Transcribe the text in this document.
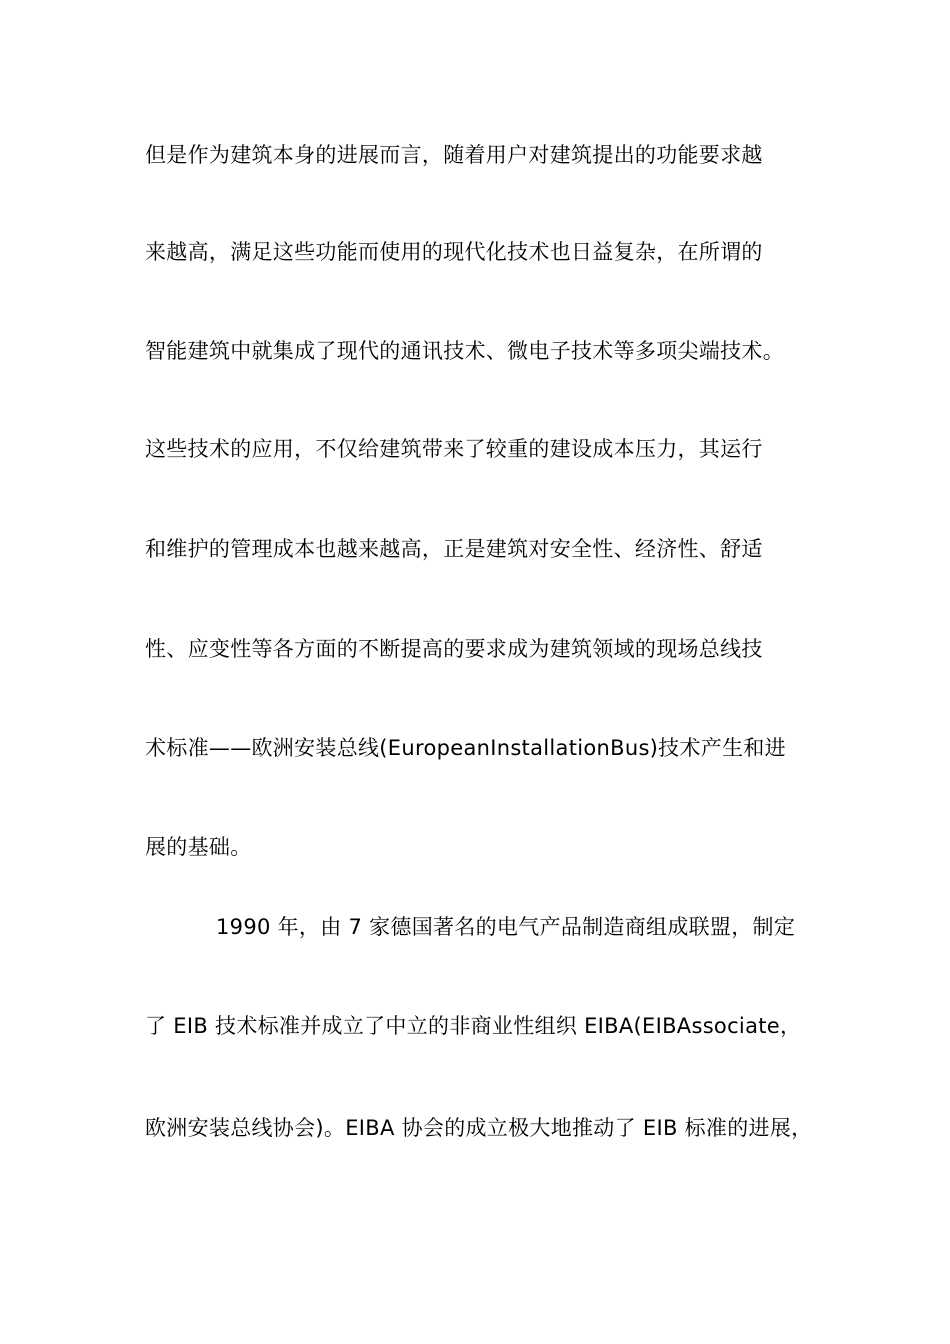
但是作为建筑本身的进展而言，随着用户对建筑提出的功能要求越
来越高，满足这些功能而使用的现代化技术也日益复杂，在所谓的
智能建筑中就集成了现代的通讯技术、微电子技术等多项尖端技术。
这些技术的应用，不仅给建筑带来了较重的建设成本压力，其运行
和维护的管理成本也越来越高，正是建筑对安全性、经济性、舒适
性、应变性等各方面的不断提高的要求成为建筑领域的现场总线技
术标准——欧洲安装总线(EuropeanInstallationBus)技术产生和进
展的基础。
1990 年，由 7 家德国著名的电气产品制造商组成联盟，制定
了 EIB 技术标准并成立了中立的非商业性组织 EIBA(EIBAssociate，
欧洲安装总线协会)。EIBA 协会的成立极大地推动了 EIB 标准的进展，
